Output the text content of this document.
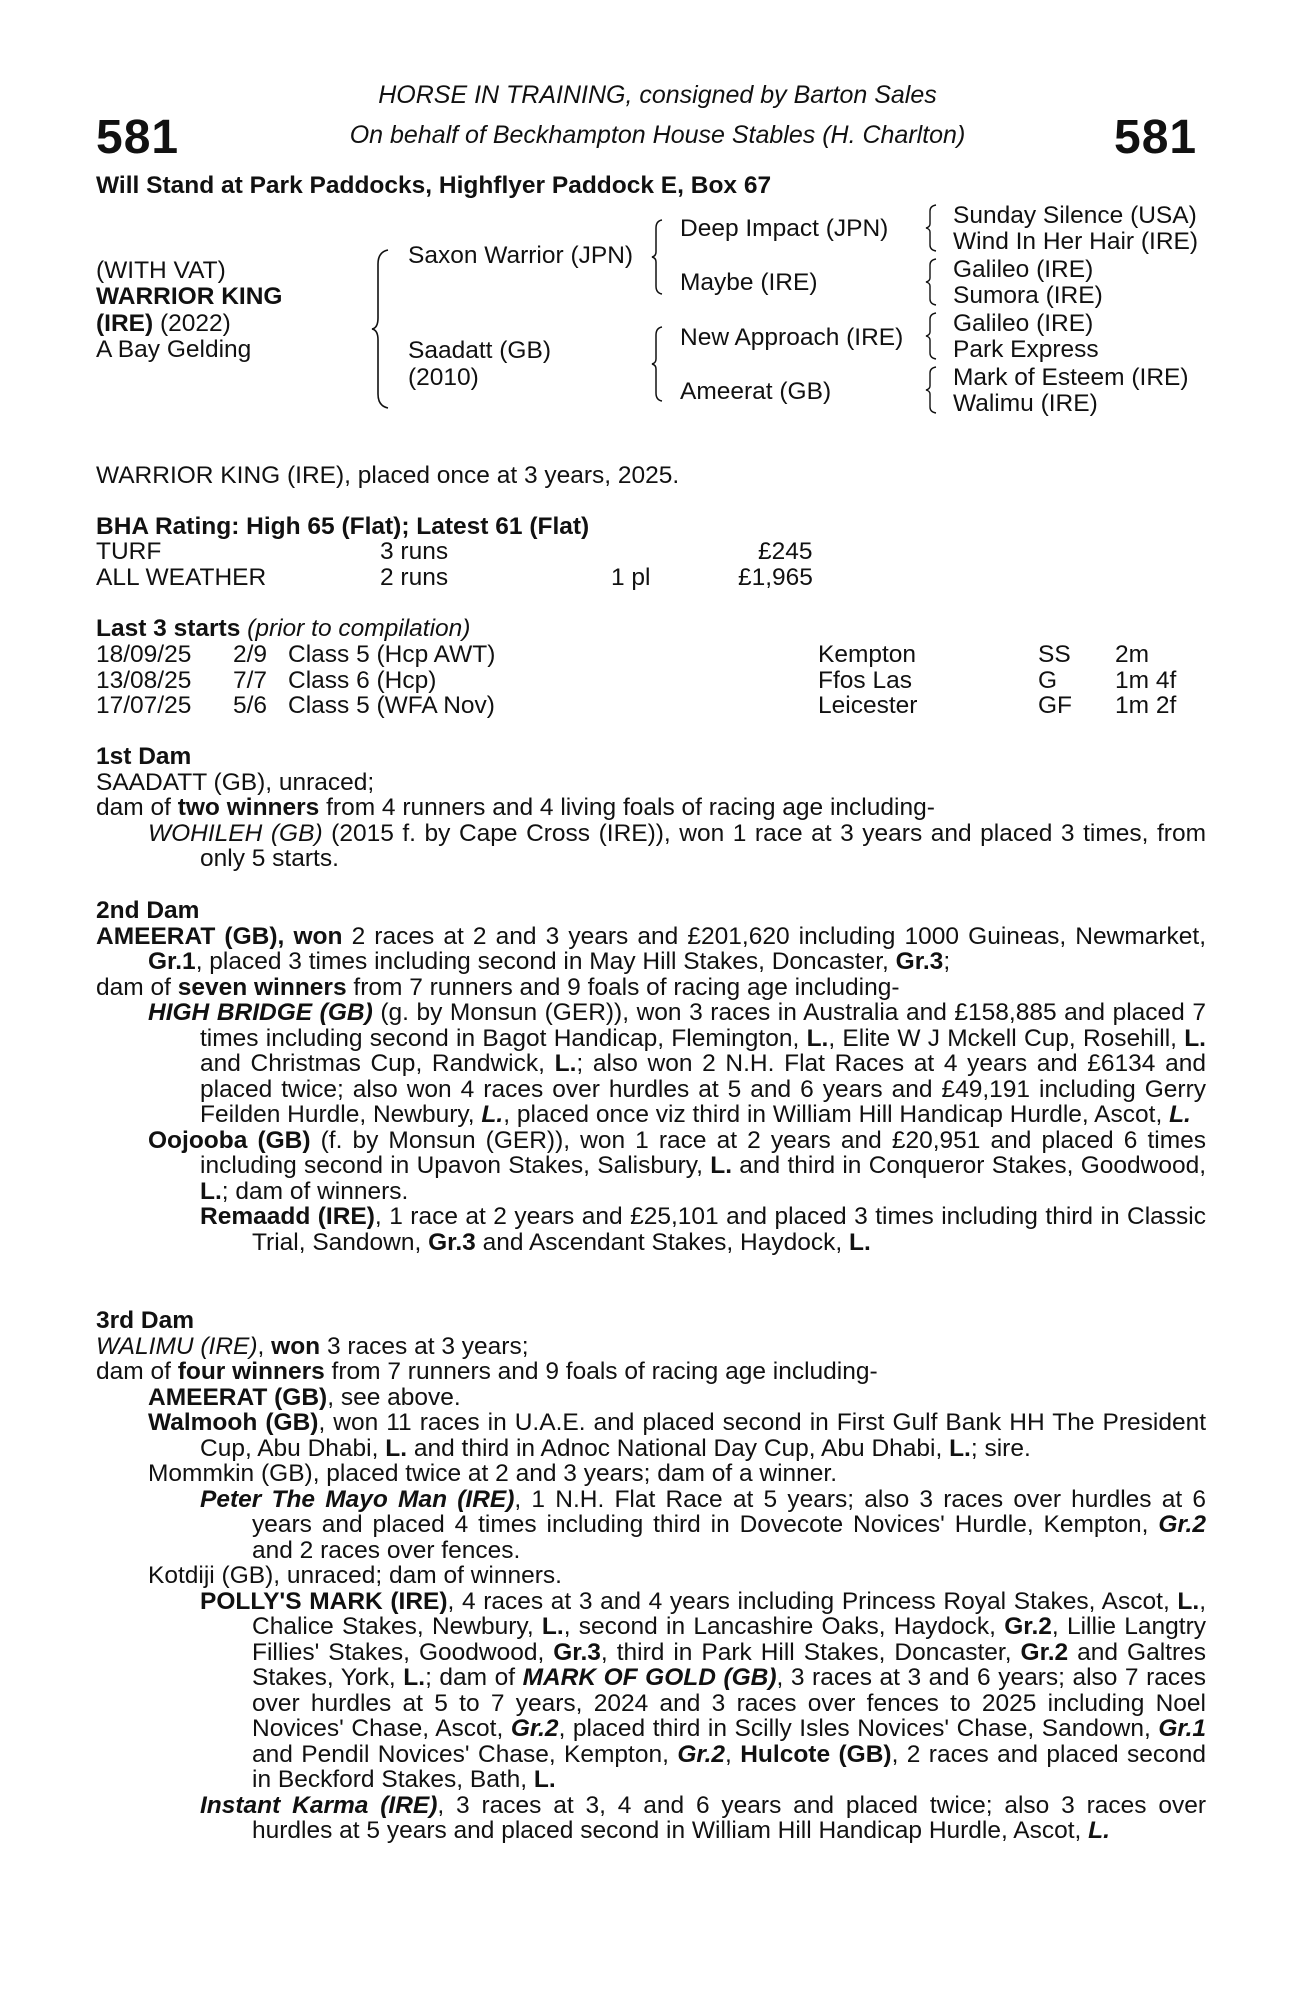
581	581
HORSE IN TRAINING, consigned by Barton Sales
On behalf of Beckhampton House Stables (H. Charlton)
Will Stand at Park Paddocks, Highflyer Paddock E, Box 67
(WITH VAT)
WARRIOR KING
(IRE) (2022)
A Bay Gelding
Saxon Warrior (JPN)
Saadatt (GB)
(2010)
Deep Impact (JPN)
Maybe (IRE)
New Approach (IRE)
Ameerat (GB)
Sunday Silence (USA)
Wind In Her Hair (IRE)
Galileo (IRE)
Sumora (IRE)
Galileo (IRE)
Park Express
Mark of Esteem (IRE)
Walimu (IRE)
WARRIOR KING (IRE), placed once at 3 years, 2025.
BHA Rating: High 65 (Flat); Latest 61 (Flat)
TURF	3 runs	£245
ALL WEATHER	2 runs	1 pl	£1,965
Last 3 starts (prior to compilation)
18/09/25 2/9 Class 5 (Hcp AWT)	Kempton	SS 2m
13/08/25 7/7 Class 6 (Hcp)	Ffos Las	G 1m 4f
17/07/25 5/6 Class 5 (WFA Nov)	Leicester	GF 1m 2f
1st Dam
SAADATT (GB), unraced;
dam of two winners from 4 runners and 4 living foals of racing age including-
WOHILEH (GB) (2015 f. by Cape Cross (IRE)), won 1 race at 3 years and placed 3 times, from only 5 starts.
2nd Dam
AMEERAT (GB), won 2 races at 2 and 3 years and £201,620 including 1000 Guineas, Newmarket, Gr.1, placed 3 times including second in May Hill Stakes, Doncaster, Gr.3;
dam of seven winners from 7 runners and 9 foals of racing age including-
HIGH BRIDGE (GB) (g. by Monsun (GER)), won 3 races in Australia and £158,885 and placed 7 times including second in Bagot Handicap, Flemington, L., Elite W J Mckell Cup, Rosehill, L. and Christmas Cup, Randwick, L.; also won 2 N.H. Flat Races at 4 years and £6134 and placed twice; also won 4 races over hurdles at 5 and 6 years and £49,191 including Gerry Feilden Hurdle, Newbury, L., placed once viz third in William Hill Handicap Hurdle, Ascot, L.
Oojooba (GB) (f. by Monsun (GER)), won 1 race at 2 years and £20,951 and placed 6 times including second in Upavon Stakes, Salisbury, L. and third in Conqueror Stakes, Goodwood, L.; dam of winners.
Remaadd (IRE), 1 race at 2 years and £25,101 and placed 3 times including third in Classic Trial, Sandown, Gr.3 and Ascendant Stakes, Haydock, L.
3rd Dam
WALIMU (IRE), won 3 races at 3 years;
dam of four winners from 7 runners and 9 foals of racing age including-
AMEERAT (GB), see above.
Walmooh (GB), won 11 races in U.A.E. and placed second in First Gulf Bank HH The President Cup, Abu Dhabi, L. and third in Adnoc National Day Cup, Abu Dhabi, L.; sire.
Mommkin (GB), placed twice at 2 and 3 years; dam of a winner.
Peter The Mayo Man (IRE), 1 N.H. Flat Race at 5 years; also 3 races over hurdles at 6 years and placed 4 times including third in Dovecote Novices' Hurdle, Kempton, Gr.2 and 2 races over fences.
Kotdiji (GB), unraced; dam of winners.
POLLY'S MARK (IRE), 4 races at 3 and 4 years including Princess Royal Stakes, Ascot, L., Chalice Stakes, Newbury, L., second in Lancashire Oaks, Haydock, Gr.2, Lillie Langtry Fillies' Stakes, Goodwood, Gr.3, third in Park Hill Stakes, Doncaster, Gr.2 and Galtres Stakes, York, L.; dam of MARK OF GOLD (GB), 3 races at 3 and 6 years; also 7 races over hurdles at 5 to 7 years, 2024 and 3 races over fences to 2025 including Noel Novices' Chase, Ascot, Gr.2, placed third in Scilly Isles Novices' Chase, Sandown, Gr.1 and Pendil Novices' Chase, Kempton, Gr.2, Hulcote (GB), 2 races and placed second in Beckford Stakes, Bath, L.
Instant Karma (IRE), 3 races at 3, 4 and 6 years and placed twice; also 3 races over hurdles at 5 years and placed second in William Hill Handicap Hurdle, Ascot, L.
